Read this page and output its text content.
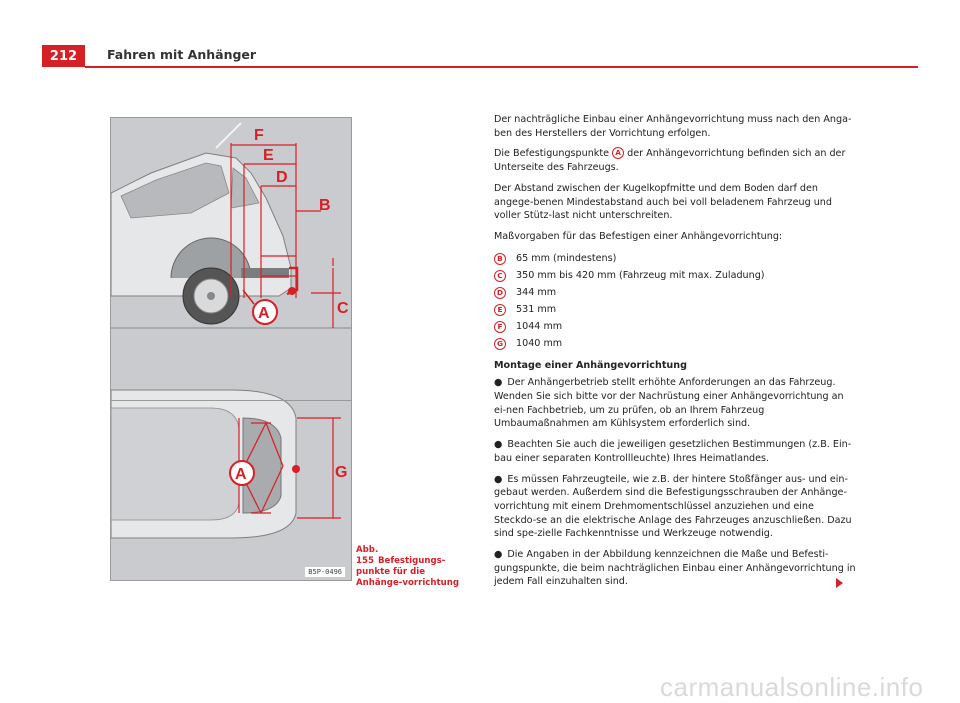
212	Fahren mit Anhänger
F
E
D
B
C
A
G
A
B5P-0496
Abb. 155 Befestigungs-punkte für die Anhänge-vorrichtung

Der nachträgliche Einbau einer Anhängevorrichtung muss nach den Anga-ben des Herstellers der Vorrichtung erfolgen.

Die Befestigungspunkte A der Anhängevorrichtung befinden sich an der Unterseite des Fahrzeugs.

Der Abstand zwischen der Kugelkopfmitte und dem Boden darf den angege-benen Mindestabstand auch bei voll beladenem Fahrzeug und voller Stütz-last nicht unterschreiten.

Maßvorgaben für das Befestigen einer Anhängevorrichtung:

B	65 mm (mindestens)
C	350 mm bis 420 mm (Fahrzeug mit max. Zuladung)
D	344 mm
E	531 mm
F	1044 mm
G	1040 mm
Montage einer Anhängevorrichtung

● Der Anhängerbetrieb stellt erhöhte Anforderungen an das Fahrzeug. Wenden Sie sich bitte vor der Nachrüstung einer Anhängevorrichtung an ei-nen Fachbetrieb, um zu prüfen, ob an Ihrem Fahrzeug Umbaumaßnahmen am Kühlsystem erforderlich sind.

● Beachten Sie auch die jeweiligen gesetzlichen Bestimmungen (z.B. Ein-bau einer separaten Kontrollleuchte) Ihres Heimatlandes.

● Es müssen Fahrzeugteile, wie z.B. der hintere Stoßfänger aus- und ein-gebaut werden. Außerdem sind die Befestigungsschrauben der Anhänge-vorrichtung mit einem Drehmomentschlüssel anzuziehen und eine Steckdo-se an die elektrische Anlage des Fahrzeuges anzuschließen. Dazu sind spe-zielle Fachkenntnisse und Werkzeuge notwendig.

● Die Angaben in der Abbildung kennzeichnen die Maße und Befesti-gungspunkte, die beim nachträglichen Einbau einer Anhängevorrichtung in jedem Fall einzuhalten sind.

carmanualsonline.info
